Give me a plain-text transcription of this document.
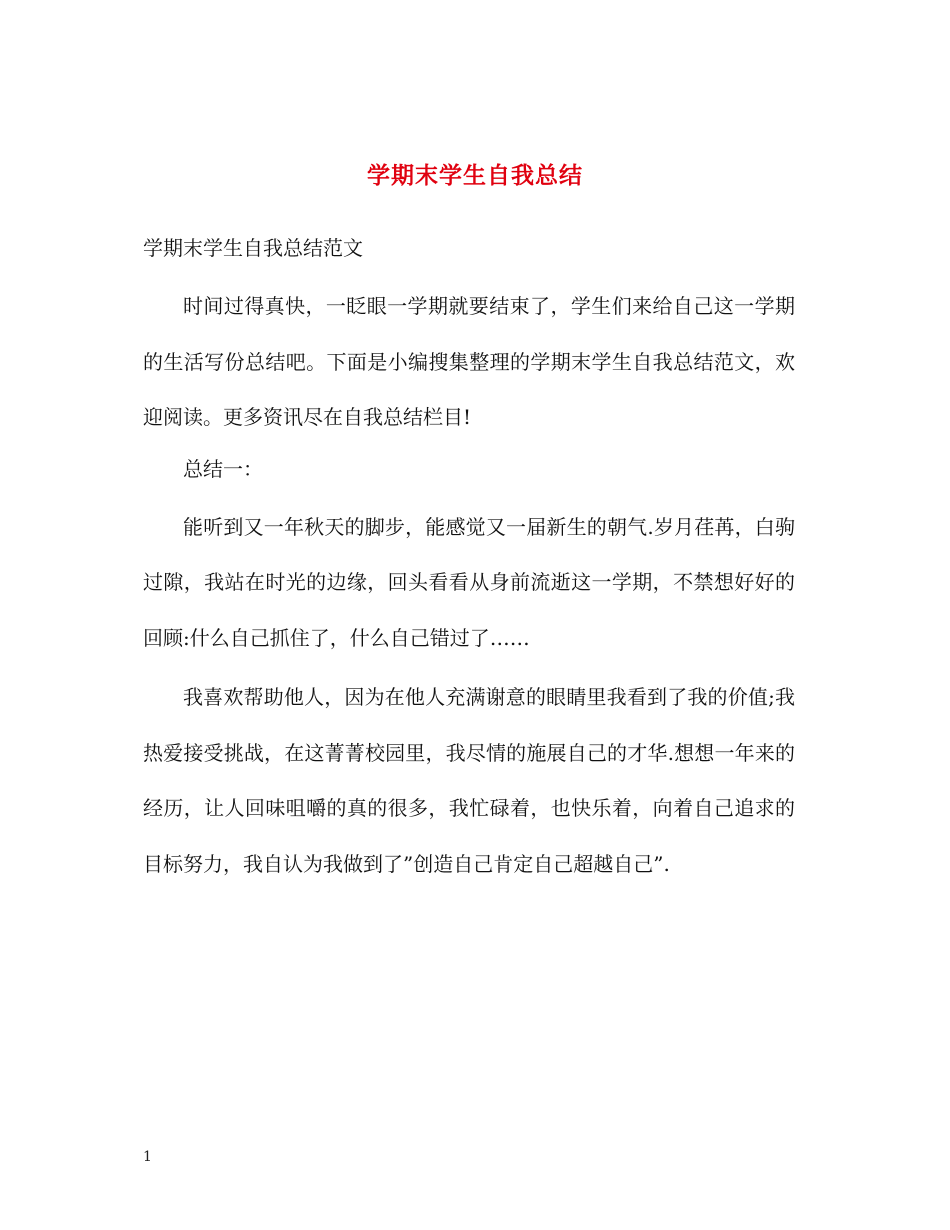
学期末学生自我总结

学期末学生自我总结范文

时间过得真快，一眨眼一学期就要结束了，学生们来给自己这一学期的生活写份总结吧。下面是小编搜集整理的学期末学生自我总结范文，欢迎阅读。更多资讯尽在自我总结栏目!

总结一：

能听到又一年秋天的脚步，能感觉又一届新生的朝气.岁月荏苒，白驹过隙，我站在时光的边缘，回头看看从身前流逝这一学期，不禁想好好的回顾:什么自己抓住了，什么自己错过了……

我喜欢帮助他人，因为在他人充满谢意的眼睛里我看到了我的价值;我热爱接受挑战，在这菁菁校园里，我尽情的施展自己的才华.想想一年来的经历，让人回味咀嚼的真的很多，我忙碌着，也快乐着，向着自己追求的目标努力，我自认为我做到了”创造自己肯定自己超越自己”.

1
